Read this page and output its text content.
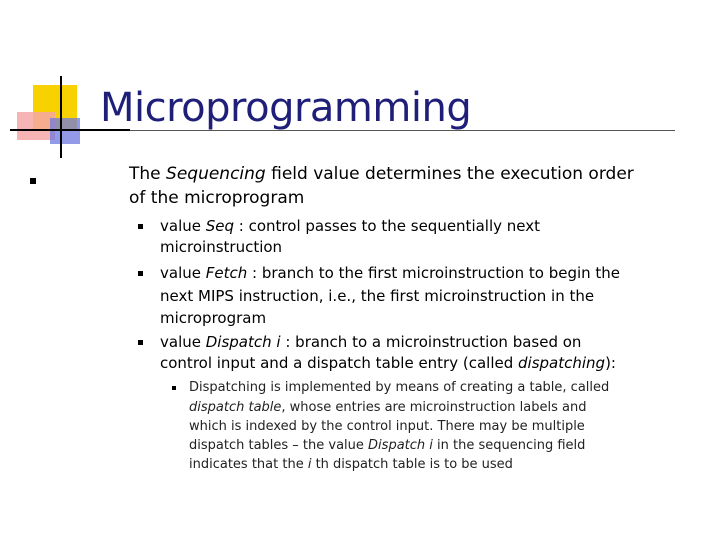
Microprogramming
The Sequencing field value determines the execution order
of the microprogram
value Seq : control passes to the sequentially next
microinstruction
value Fetch : branch to the first microinstruction to begin the
next MIPS instruction, i.e., the first microinstruction in the
microprogram
value Dispatch i : branch to a microinstruction based on
control input and a dispatch table entry (called dispatching):
Dispatching is implemented by means of creating a table, called
dispatch table, whose entries are microinstruction labels and
which is indexed by the control input. There may be multiple
dispatch tables – the value Dispatch i in the sequencing field
indicates that the i th dispatch table is to be used
